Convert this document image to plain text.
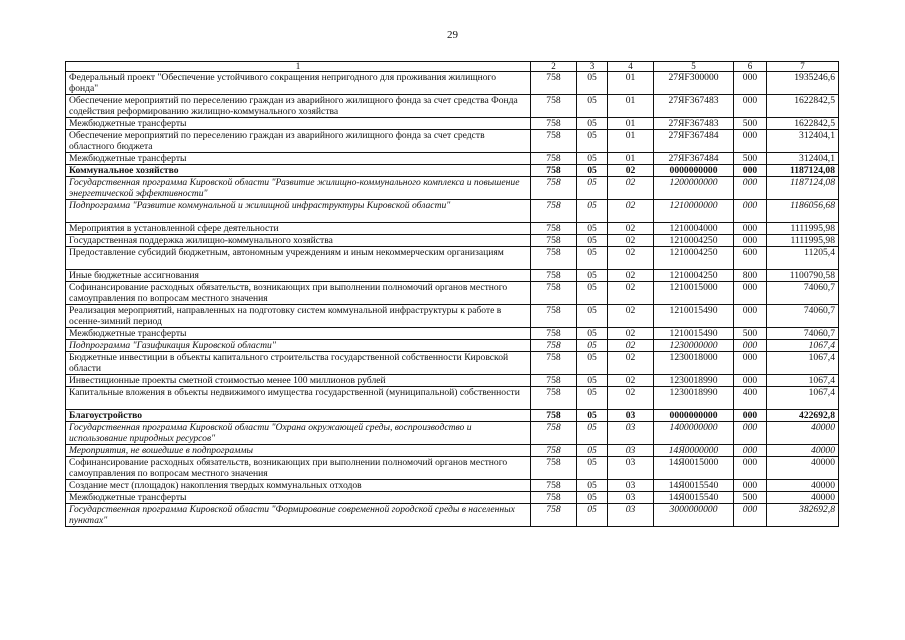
29
1	2	3	4	5	6	7
Федеральный проект "Обеспечение устойчивого сокращения непригодного для проживания жилищного фонда"	758	05	01	27ЯF300000	000	1935246,6
Обеспечение мероприятий по переселению граждан из аварийного жилищного фонда за счет средства Фонда содействия реформированию жилищно-коммунального хозяйства	758	05	01	27ЯF367483	000	1622842,5
Межбюджетные трансферты	758	05	01	27ЯF367483	500	1622842,5
Обеспечение мероприятий по переселению граждан из аварийного жилищного фонда за счет средств областного бюджета	758	05	01	27ЯF367484	000	312404,1
Межбюджетные трансферты	758	05	01	27ЯF367484	500	312404,1
Коммунальное хозяйство	758	05	02	0000000000	000	1187124,08
Государственная программа Кировской области "Развитие жилищно-коммунального комплекса и повышение энергетической эффективности"	758	05	02	1200000000	000	1187124,08
Подпрограмма "Развитие коммунальной и жилищной инфраструктуры Кировской области"	758	05	02	1210000000	000	1186056,68
Мероприятия в установленной сфере деятельности	758	05	02	1210004000	000	1111995,98
Государственная поддержка жилищно-коммунального хозяйства	758	05	02	1210004250	000	1111995,98
Предоставление субсидий бюджетным, автономным учреждениям и иным некоммерческим организациям	758	05	02	1210004250	600	11205,4
Иные бюджетные ассигнования	758	05	02	1210004250	800	1100790,58
Софинансирование расходных обязательств, возникающих при выполнении полномочий органов местного самоуправления по вопросам местного значения	758	05	02	1210015000	000	74060,7
Реализация мероприятий, направленных на подготовку систем коммунальной инфраструктуры к работе в осенне-зимний период	758	05	02	1210015490	000	74060,7
Межбюджетные трансферты	758	05	02	1210015490	500	74060,7
Подпрограмма "Газификация Кировской области"	758	05	02	1230000000	000	1067,4
Бюджетные инвестиции в объекты капитального строительства государственной собственности Кировской области	758	05	02	1230018000	000	1067,4
Инвестиционные проекты сметной стоимостью менее 100 миллионов рублей	758	05	02	1230018990	000	1067,4
Капитальные вложения в объекты недвижимого имущества государственной (муниципальной) собственности	758	05	02	1230018990	400	1067,4
Благоустройство	758	05	03	0000000000	000	422692,8
Государственная программа Кировской области "Охрана окружающей среды, воспроизводство и использование природных ресурсов"	758	05	03	1400000000	000	40000
Мероприятия, не вошедшие в подпрограммы	758	05	03	14Я0000000	000	40000
Софинансирование расходных обязательств, возникающих при выполнении полномочий органов местного самоуправления по вопросам местного значения	758	05	03	14Я0015000	000	40000
Создание мест (площадок) накопления твердых коммунальных отходов	758	05	03	14Я0015540	000	40000
Межбюджетные трансферты	758	05	03	14Я0015540	500	40000
Государственная программа Кировской области "Формирование современной городской среды в населенных пунктах"	758	05	03	3000000000	000	382692,8
